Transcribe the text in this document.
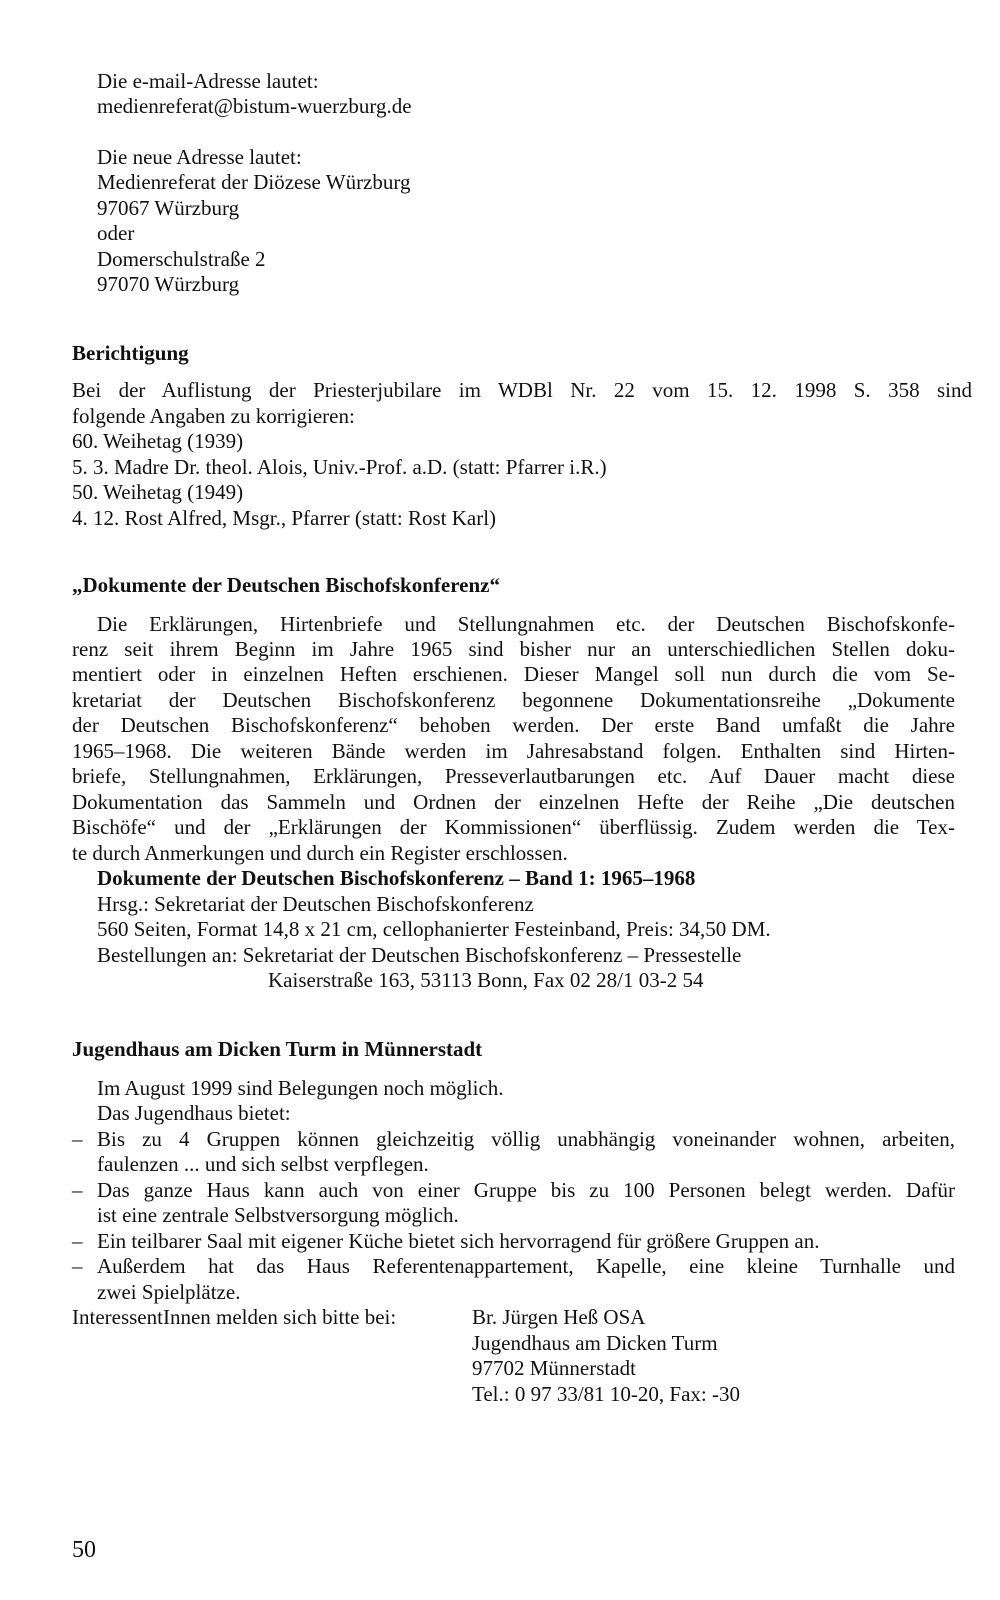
Die e-mail-Adresse lautet:
medienreferat@bistum-wuerzburg.de
Die neue Adresse lautet:
Medienreferat der Diözese Würzburg
97067 Würzburg
oder
Domerschulstraße 2
97070 Würzburg
Berichtigung
Bei der Auflistung der Priesterjubilare im WDBl Nr. 22 vom 15. 12. 1998 S. 358 sind
folgende Angaben zu korrigieren:
60. Weihetag (1939)
5. 3. Madre Dr. theol. Alois, Univ.-Prof. a.D. (statt: Pfarrer i.R.)
50. Weihetag (1949)
4. 12. Rost Alfred, Msgr., Pfarrer (statt: Rost Karl)
„Dokumente der Deutschen Bischofskonferenz“
Die Erklärungen, Hirtenbriefe und Stellungnahmen etc. der Deutschen Bischofskonfe-
renz seit ihrem Beginn im Jahre 1965 sind bisher nur an unterschiedlichen Stellen doku-
mentiert oder in einzelnen Heften erschienen. Dieser Mangel soll nun durch die vom Se-
kretariat der Deutschen Bischofskonferenz begonnene Dokumentationsreihe „Dokumente
der Deutschen Bischofskonferenz“ behoben werden. Der erste Band umfaßt die Jahre
1965–1968. Die weiteren Bände werden im Jahresabstand folgen. Enthalten sind Hirten-
briefe, Stellungnahmen, Erklärungen, Presseverlautbarungen etc. Auf Dauer macht diese
Dokumentation das Sammeln und Ordnen der einzelnen Hefte der Reihe „Die deutschen
Bischöfe“ und der „Erklärungen der Kommissionen“ überflüssig. Zudem werden die Tex-
te durch Anmerkungen und durch ein Register erschlossen.
Dokumente der Deutschen Bischofskonferenz – Band 1: 1965–1968
Hrsg.: Sekretariat der Deutschen Bischofskonferenz
560 Seiten, Format 14,8 x 21 cm, cellophanierter Festeinband, Preis: 34,50 DM.
Bestellungen an: Sekretariat der Deutschen Bischofskonferenz – Pressestelle
Kaiserstraße 163, 53113 Bonn, Fax 02 28/1 03-2 54
Jugendhaus am Dicken Turm in Münnerstadt
Im August 1999 sind Belegungen noch möglich.
Das Jugendhaus bietet:
– Bis zu 4 Gruppen können gleichzeitig völlig unabhängig voneinander wohnen, arbeiten,
faulenzen ... und sich selbst verpflegen.
– Das ganze Haus kann auch von einer Gruppe bis zu 100 Personen belegt werden. Dafür
ist eine zentrale Selbstversorgung möglich.
– Ein teilbarer Saal mit eigener Küche bietet sich hervorragend für größere Gruppen an.
– Außerdem hat das Haus Referentenappartement, Kapelle, eine kleine Turnhalle und
zwei Spielplätze.
InteressentInnen melden sich bitte bei:	Br. Jürgen Heß OSA
Jugendhaus am Dicken Turm
97702 Münnerstadt
Tel.: 0 97 33/81 10-20, Fax: -30
50
